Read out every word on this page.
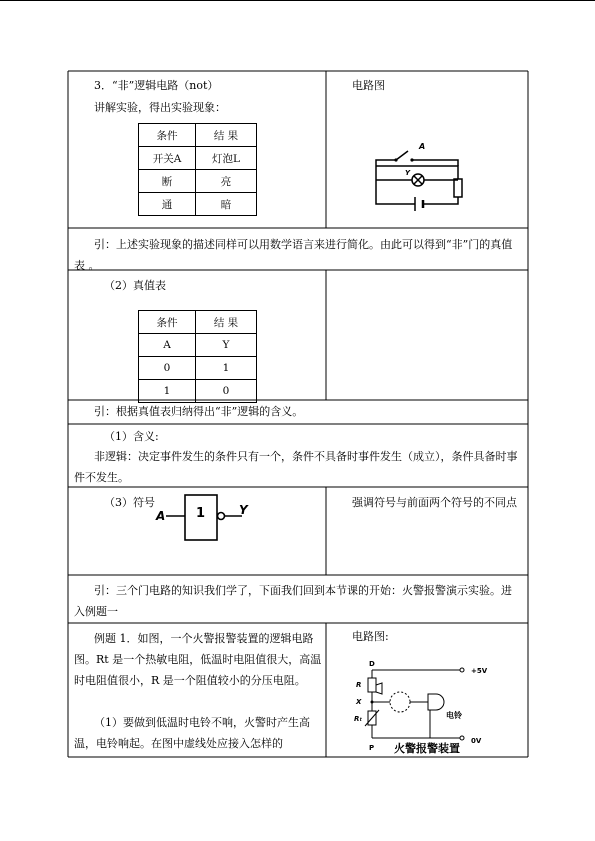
3．“非”逻辑电路（not）
讲解实验，得出实验现象：
条件	结 果
开关A	灯泡L
断	亮
通	暗
电路图
A
Y
引：上述实验现象的描述同样可以用数学语言来进行简化。由此可以得到“非”门的真值表 。
（2）真值表
条件	结 果
A	Y
0	1
1	0
引：根据真值表归纳得出“非”逻辑的含义。
（1）含义:
非逻辑：决定事件发生的条件只有一个，条件不具备时事件发生（成立），条件具备时事件不发生。
（3）符号
A 1	Y
强调符号与前面两个符号的不同点
引：三个门电路的知识我们学了，下面我们回到本节课的开始：火警报警演示实验。进入例题一
例题 1．如图，一个火警报警装置的逻辑电路图。Rt 是一个热敏电阻，低温时电阻值很大，高温时电阻值很小，R 是一个阻值较小的分压电阻。
（1）要做到低温时电铃不响，火警时产生高温，电铃响起。在图中虚线处应接入怎样的
电路图:
D
R
X
Rₜ
P
+5V
0V
电铃
火警报警装置
